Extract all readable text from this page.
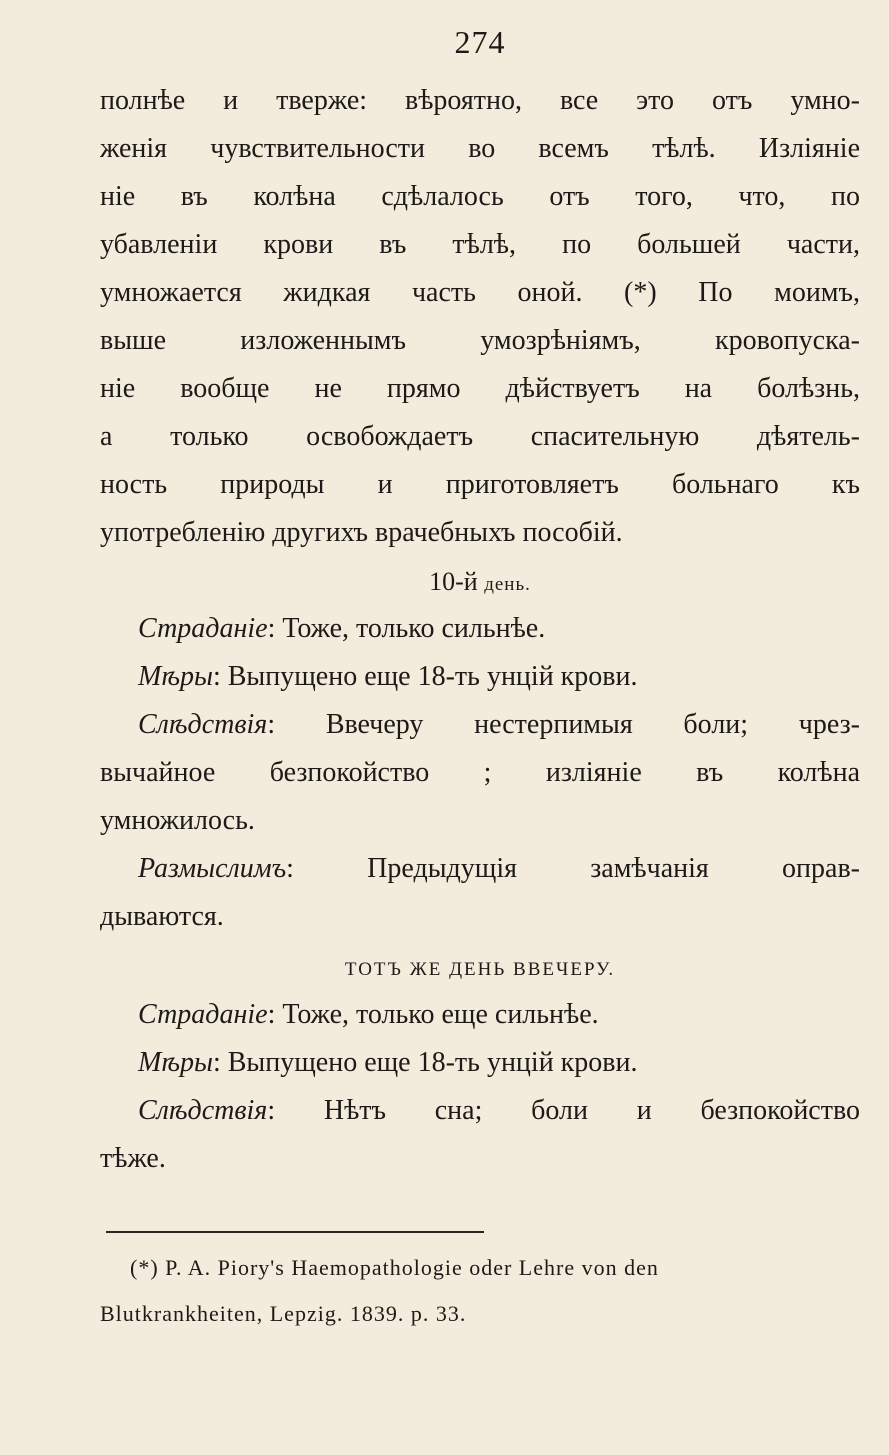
274

полнѣе и тверже: вѣроятно, все это отъ умно-
женія чувствительности во всемъ тѣлѣ. Изліяніе
ніе въ колѣна сдѣлалось отъ того, что, по
убавленіи крови въ тѣлѣ, по большей части,
умножается жидкая часть оной. (*) По моимъ,
выше изложеннымъ умозрѣніямъ, кровопуска-
ніе вообще не прямо дѣйствуетъ на болѣзнь,
а только освобождаетъ спасительную дѣятель-
ность природы и приготовляетъ больнаго къ
употребленію другихъ врачебныхъ пособій.

10-й день.
Страданіе: Тоже, только сильнѣе.
Мѣры: Выпущено еще 18-ть унцій крови.
Слѣдствія: Ввечеру нестерпимыя боли; чрез-
вычайное безпокойство ; изліяніе въ колѣна
умножилось.
Размыслимъ: Предыдущія замѣчанія оправ-
дываются.
ТОТЪ ЖЕ ДЕНЬ ВВЕЧЕРУ.
Страданіе: Тоже, только еще сильнѣе.
Мѣры: Выпущено еще 18-ть унцій крови.
Слѣдствія: Нѣтъ сна; боли и безпокойство
тѣже.
(*) P. A. Piory's Haemopathologie oder Lehre von den
Blutkrankheiten, Lepzig. 1839. p. 33.
